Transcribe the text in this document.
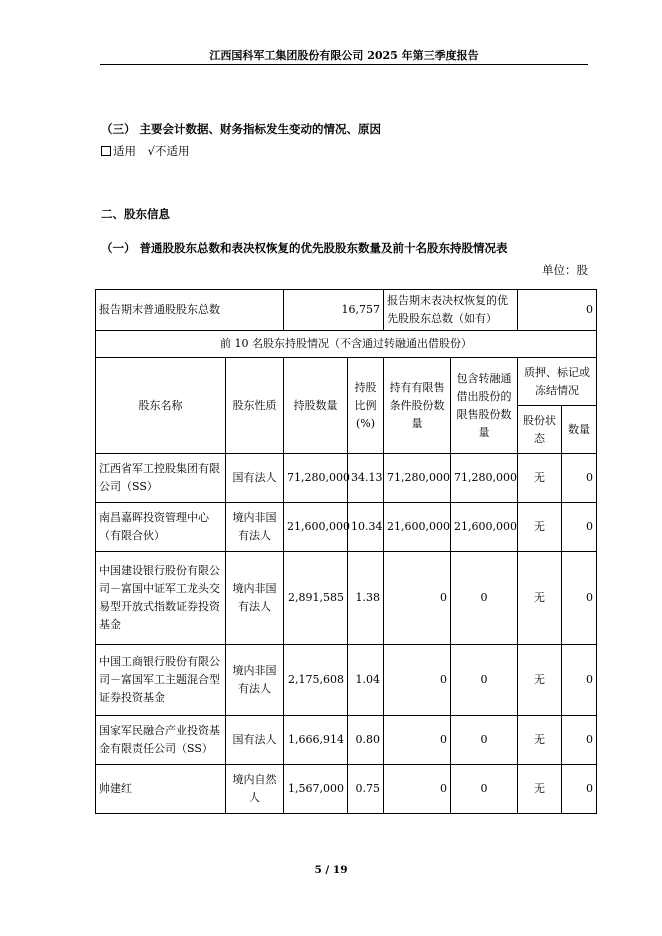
江西国科军工集团股份有限公司 2025 年第三季度报告
（三） 主要会计数据、财务指标发生变动的情况、原因
适用 √不适用
二、股东信息
（一） 普通股股东总数和表决权恢复的优先股股东数量及前十名股东持股情况表
单位：股
报告期末普通股股东总数		16,757		报告期末表决权恢复的优先股股东总数（如有）		0	
前 10 名股东持股情况（不含通过转融通出借股份）							
股东名称	股东性质	持股数量	持股比例(%)	持有有限售条件股份数量	包含转融通借出股份的限售股份数量	质押、标记或冻结情况	
						股份状态	数量
江西省军工控股集团有限公司（SS）	国有法人	71,280,000	34.13	71,280,000	71,280,000	无	0
南昌嘉晖投资管理中心（有限合伙）	境内非国有法人	21,600,000	10.34	21,600,000	21,600,000	无	0
中国建设银行股份有限公司－富国中证军工龙头交易型开放式指数证券投资基金	境内非国有法人	2,891,585	1.38	0	0	无	0
中国工商银行股份有限公司－富国军工主题混合型证券投资基金	境内非国有法人	2,175,608	1.04	0	0	无	0
国家军民融合产业投资基金有限责任公司（SS）	国有法人	1,666,914	0.80	0	0	无	0
帅建红	境内自然人	1,567,000	0.75	0	0	无	0
5 / 19
